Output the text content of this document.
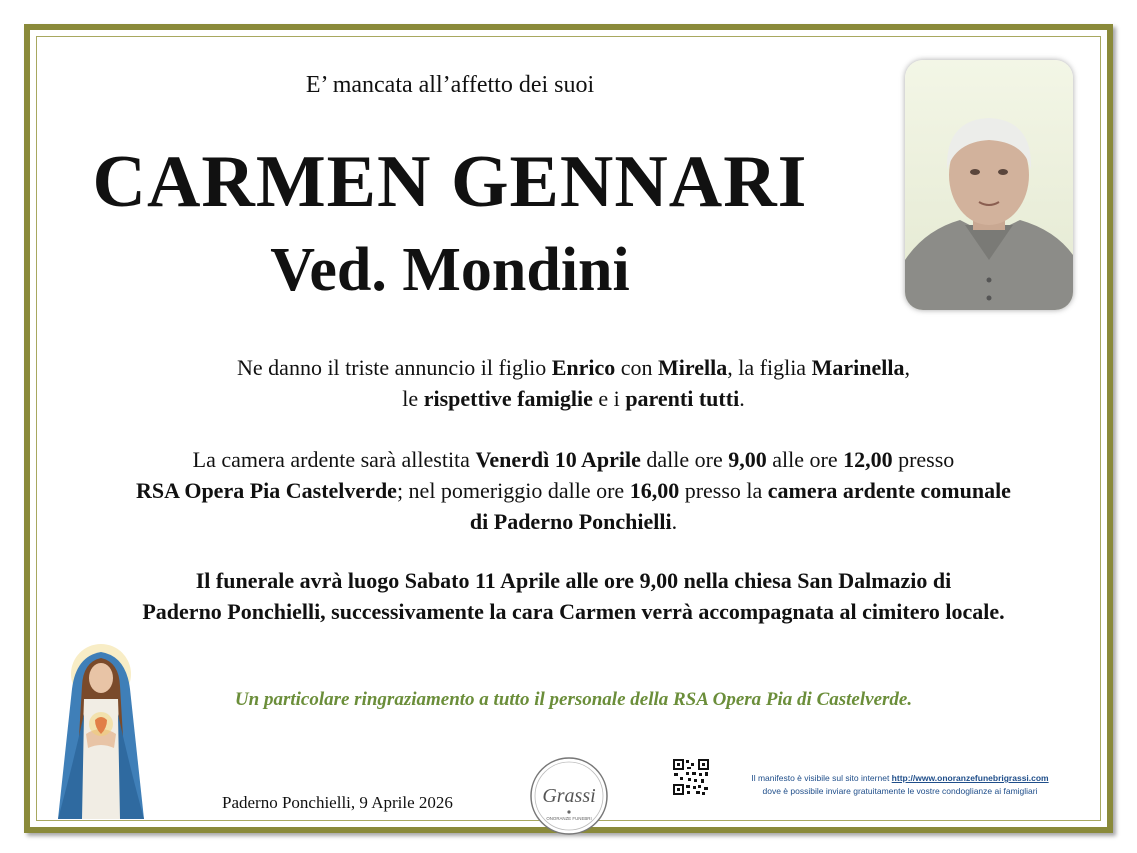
E’ mancata all’affetto dei suoi
CARMEN GENNARI
Ved. Mondini
Ne danno il triste annuncio il figlio Enrico con Mirella, la figlia Marinella,
le rispettive famiglie e i parenti tutti.
La camera ardente sarà allestita Venerdì 10 Aprile dalle ore 9,00 alle ore 12,00 presso
RSA Opera Pia Castelverde; nel pomeriggio dalle ore 16,00 presso la camera ardente comunale
di Paderno Ponchielli.
Il funerale avrà luogo Sabato 11 Aprile alle ore 9,00 nella chiesa San Dalmazio di
Paderno Ponchielli, successivamente la cara Carmen verrà accompagnata al cimitero locale.
Un particolare ringraziamento a tutto il personale della RSA Opera Pia di Castelverde.
Paderno Ponchielli, 9 Aprile 2026	Grassi
ONORANZE FUNEBRI
Il manifesto è visibile sul sito internet http://www.onoranzefunebrigrassi.com
dove è possibile inviare gratuitamente le vostre condoglianze ai famigliari
